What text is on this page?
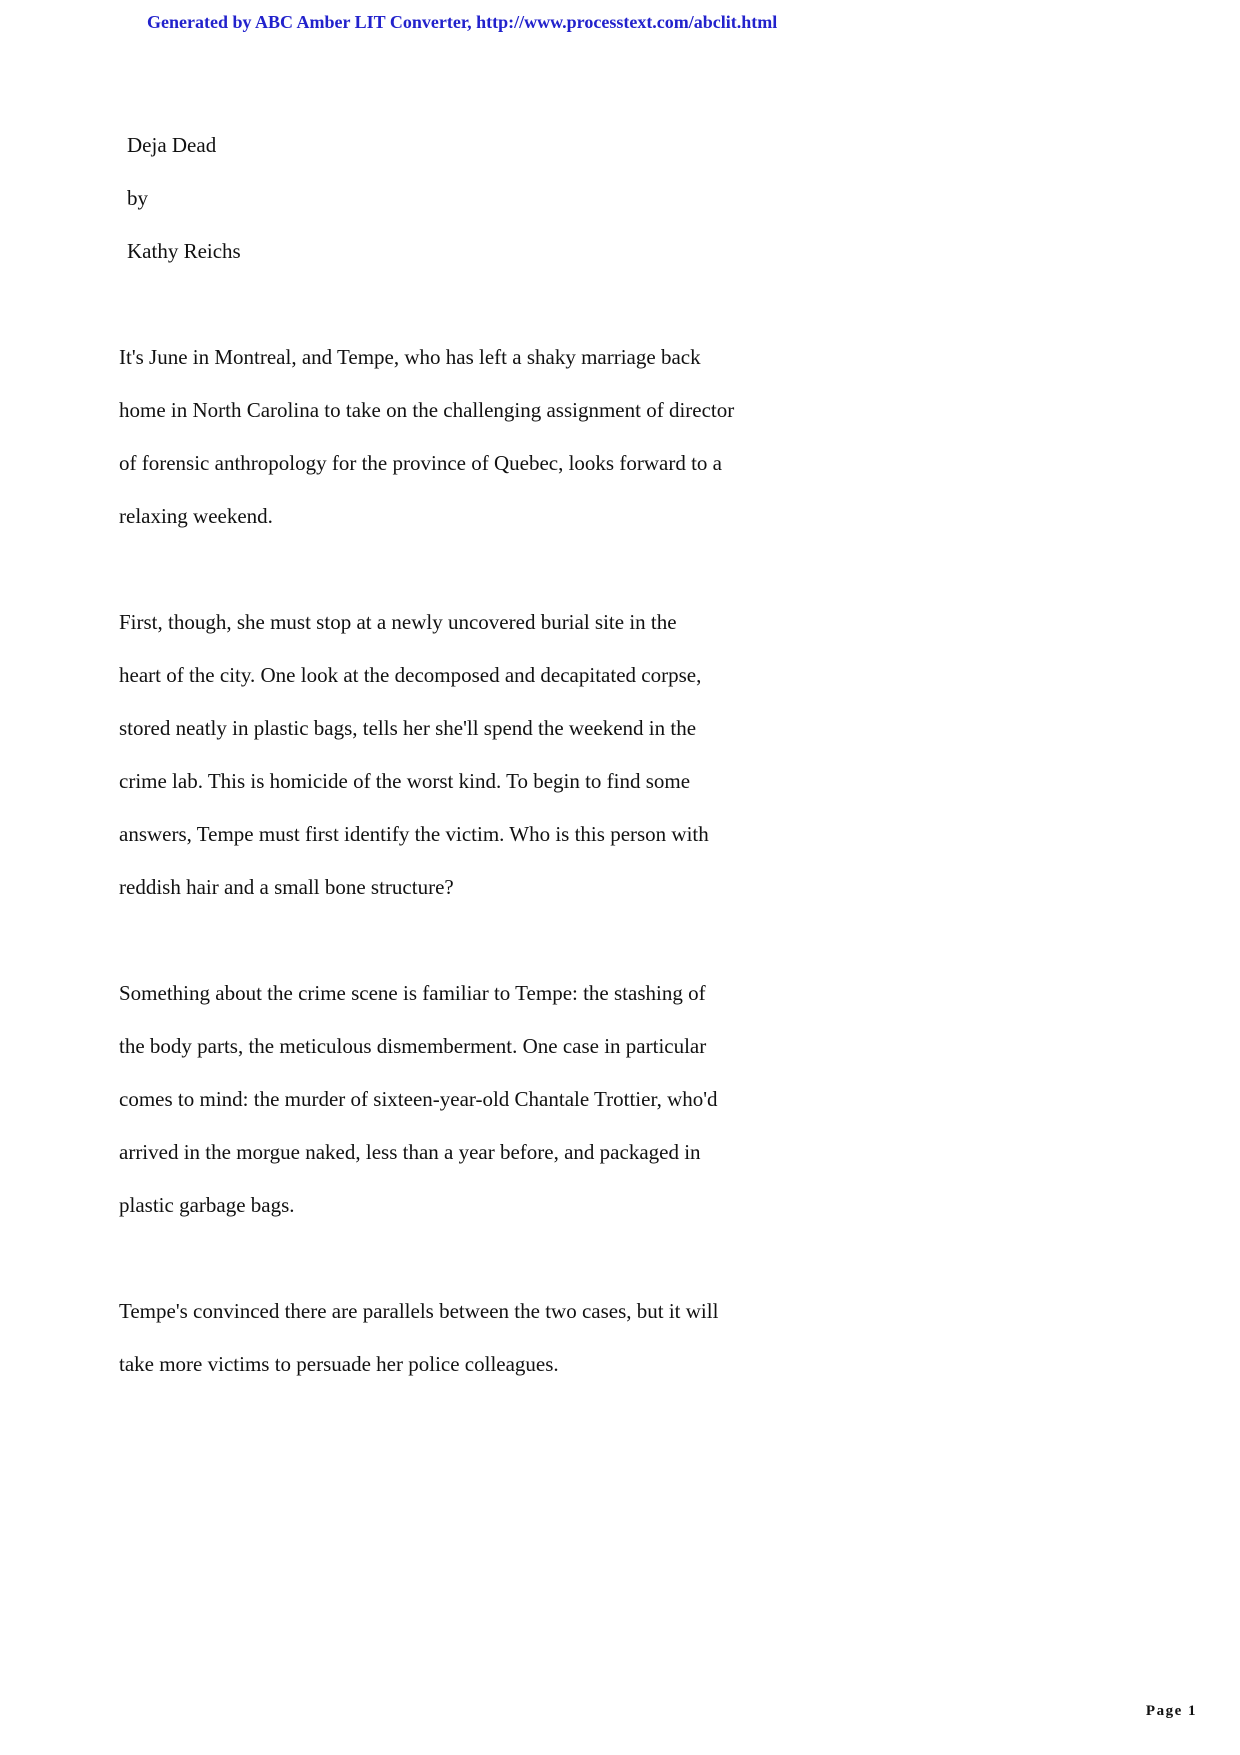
Generated by ABC Amber LIT Converter, http://www.processtext.com/abclit.html
Deja Dead
by
Kathy Reichs
It's June in Montreal, and Tempe, who has left a shaky marriage back
home in North Carolina to take on the challenging assignment of director
of forensic anthropology for the province of Quebec, looks forward to a
relaxing weekend.
First, though, she must stop at a newly uncovered burial site in the
heart of the city. One look at the decomposed and decapitated corpse,
stored neatly in plastic bags, tells her she'll spend the weekend in the
crime lab. This is homicide of the worst kind. To begin to find some
answers, Tempe must first identify the victim. Who is this person with
reddish hair and a small bone structure?
Something about the crime scene is familiar to Tempe: the stashing of
the body parts, the meticulous dismemberment. One case in particular
comes to mind: the murder of sixteen-year-old Chantale Trottier, who'd
arrived in the morgue naked, less than a year before, and packaged in
plastic garbage bags.
Tempe's convinced there are parallels between the two cases, but it will
take more victims to persuade her police colleagues.
Page 1
